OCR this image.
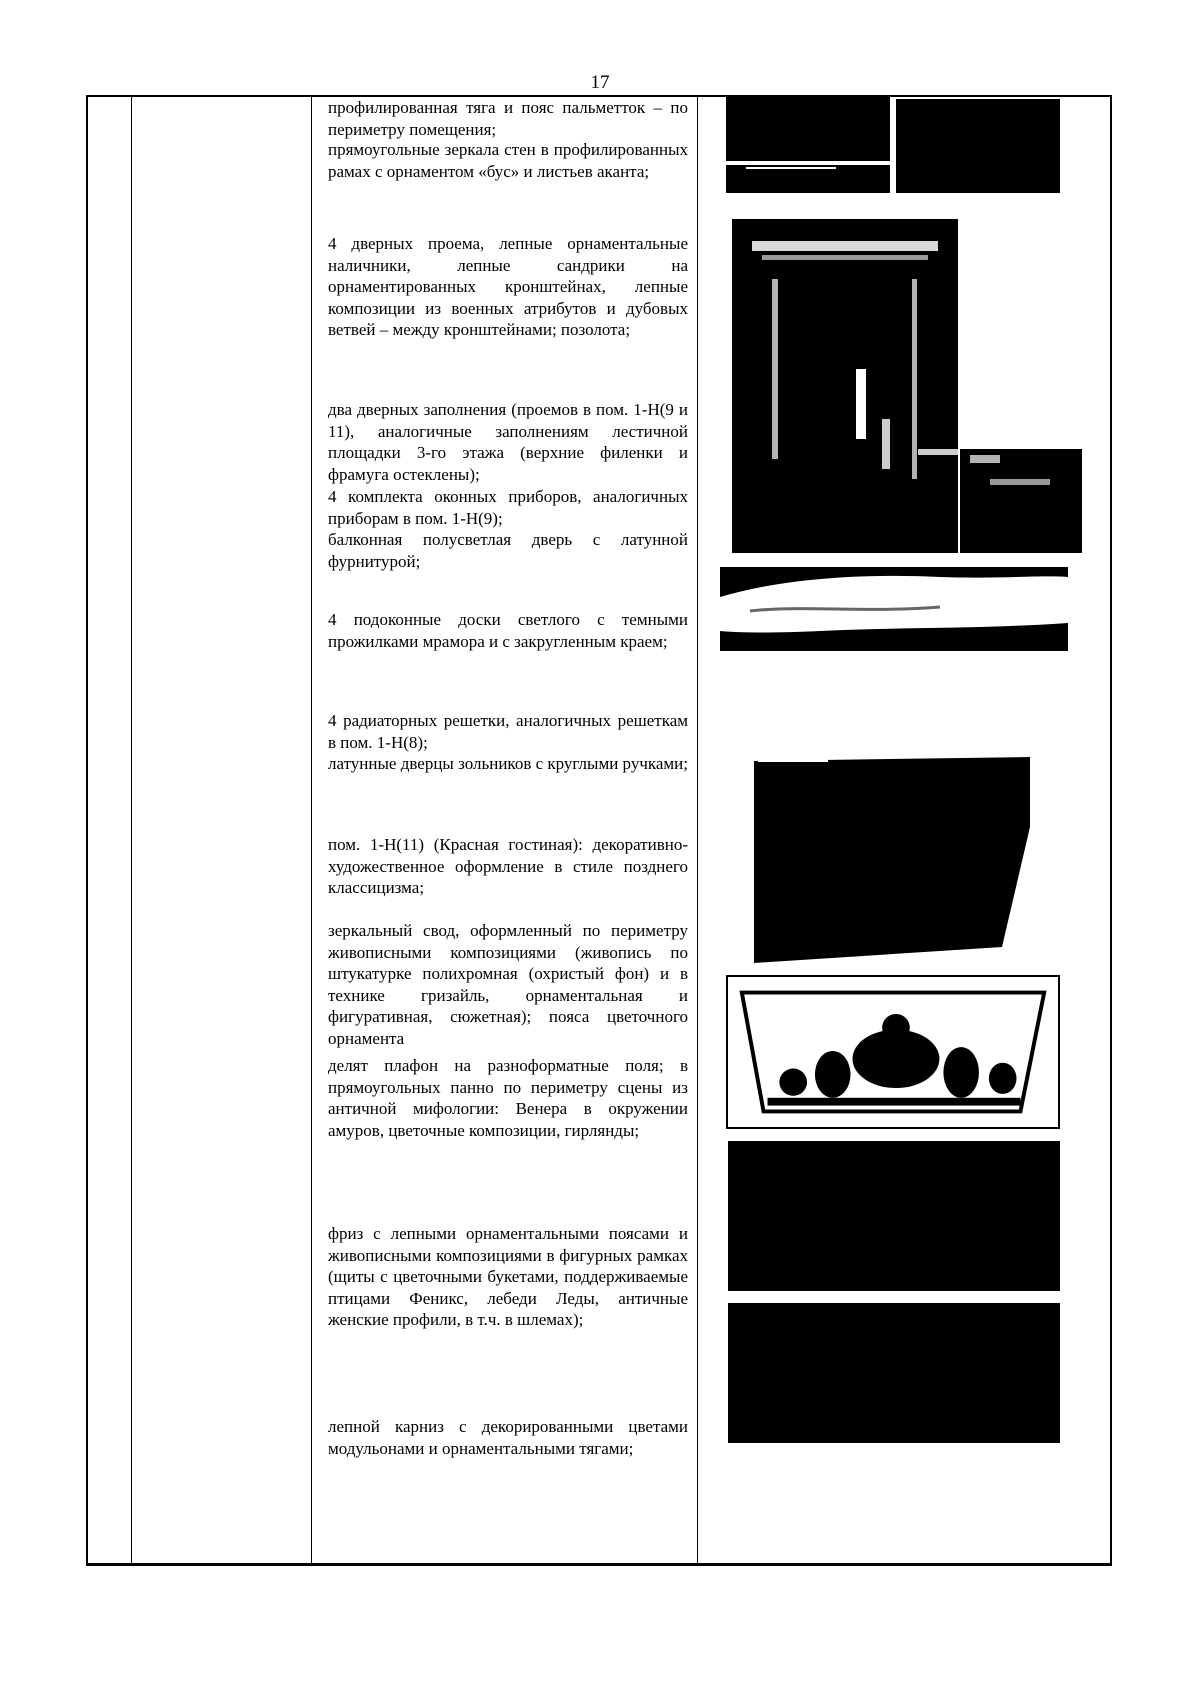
17
профилированная тяга и пояс пальметток – по периметру помещения;
прямоугольные зеркала стен в профилированных рамах с орнаментом «бус» и листьев аканта;
4 дверных проема, лепные орнаментальные наличники, лепные сандрики на орнаментированных кронштейнах, лепные композиции из военных атрибутов и дубовых ветвей – между кронштейнами; позолота;
два дверных заполнения (проемов в пом. 1-Н(9 и 11), аналогичные заполнениям лестичной площадки 3-го этажа (верхние филенки и фрамуга остеклены);
4 комплекта оконных приборов, аналогичных приборам в пом. 1-Н(9);
балконная полусветлая дверь с латунной фурнитурой;
4 подоконные доски светлого с темными прожилками мрамора и с закругленным краем;
4 радиаторных решетки, аналогичных решеткам в пом. 1-Н(8);
латунные дверцы зольников с круглыми ручками;
пом. 1-Н(11) (Красная гостиная): декоративно-художественное оформление в стиле позднего классицизма;
зеркальный свод, оформленный по периметру живописными композициями (живопись по штукатурке полихромная (охристый фон) и в технике гризайль, орнаментальная и фигуративная, сюжетная); пояса цветочного орнамента
делят плафон на разноформатные поля; в прямоугольных панно по периметру сцены из античной мифологии: Венера в окружении амуров, цветочные композиции, гирлянды;
фриз с лепными орнаментальными поясами и живописными композициями в фигурных рамках (щиты с цветочными букетами, поддерживаемые птицами Феникс, лебеди Леды, античные женские профили, в т.ч. в шлемах);
лепной карниз с декорированными цветами модульонами и орнаментальными тягами;
